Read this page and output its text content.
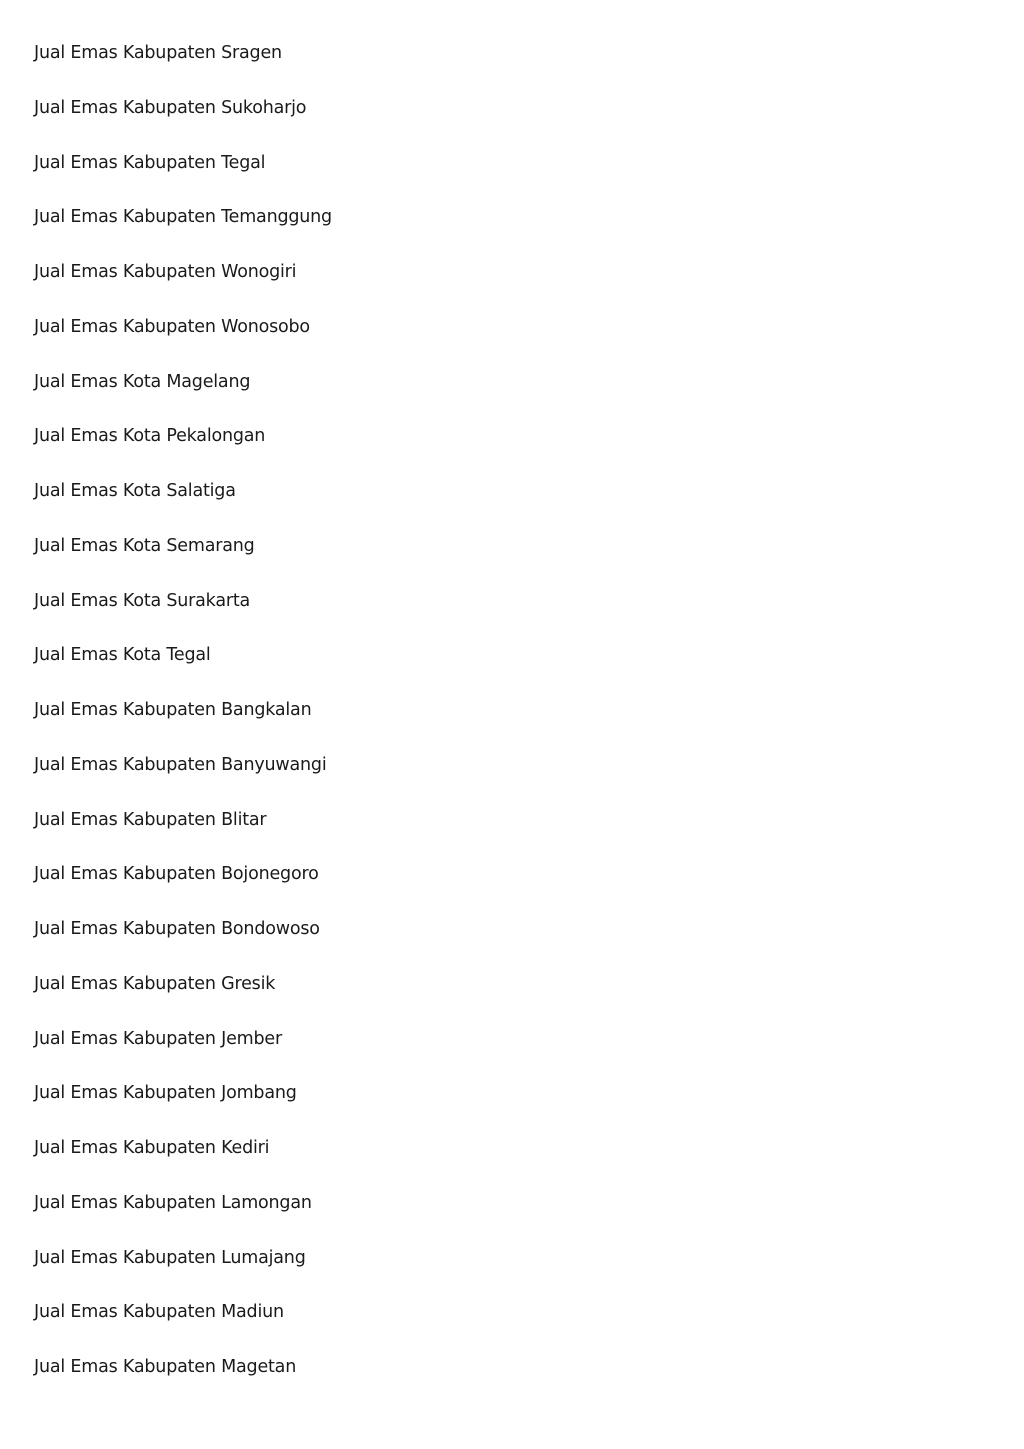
Jual Emas Kabupaten Sragen
Jual Emas Kabupaten Sukoharjo
Jual Emas Kabupaten Tegal
Jual Emas Kabupaten Temanggung
Jual Emas Kabupaten Wonogiri
Jual Emas Kabupaten Wonosobo
Jual Emas Kota Magelang
Jual Emas Kota Pekalongan
Jual Emas Kota Salatiga
Jual Emas Kota Semarang
Jual Emas Kota Surakarta
Jual Emas Kota Tegal
Jual Emas Kabupaten Bangkalan
Jual Emas Kabupaten Banyuwangi
Jual Emas Kabupaten Blitar
Jual Emas Kabupaten Bojonegoro
Jual Emas Kabupaten Bondowoso
Jual Emas Kabupaten Gresik
Jual Emas Kabupaten Jember
Jual Emas Kabupaten Jombang
Jual Emas Kabupaten Kediri
Jual Emas Kabupaten Lamongan
Jual Emas Kabupaten Lumajang
Jual Emas Kabupaten Madiun
Jual Emas Kabupaten Magetan
